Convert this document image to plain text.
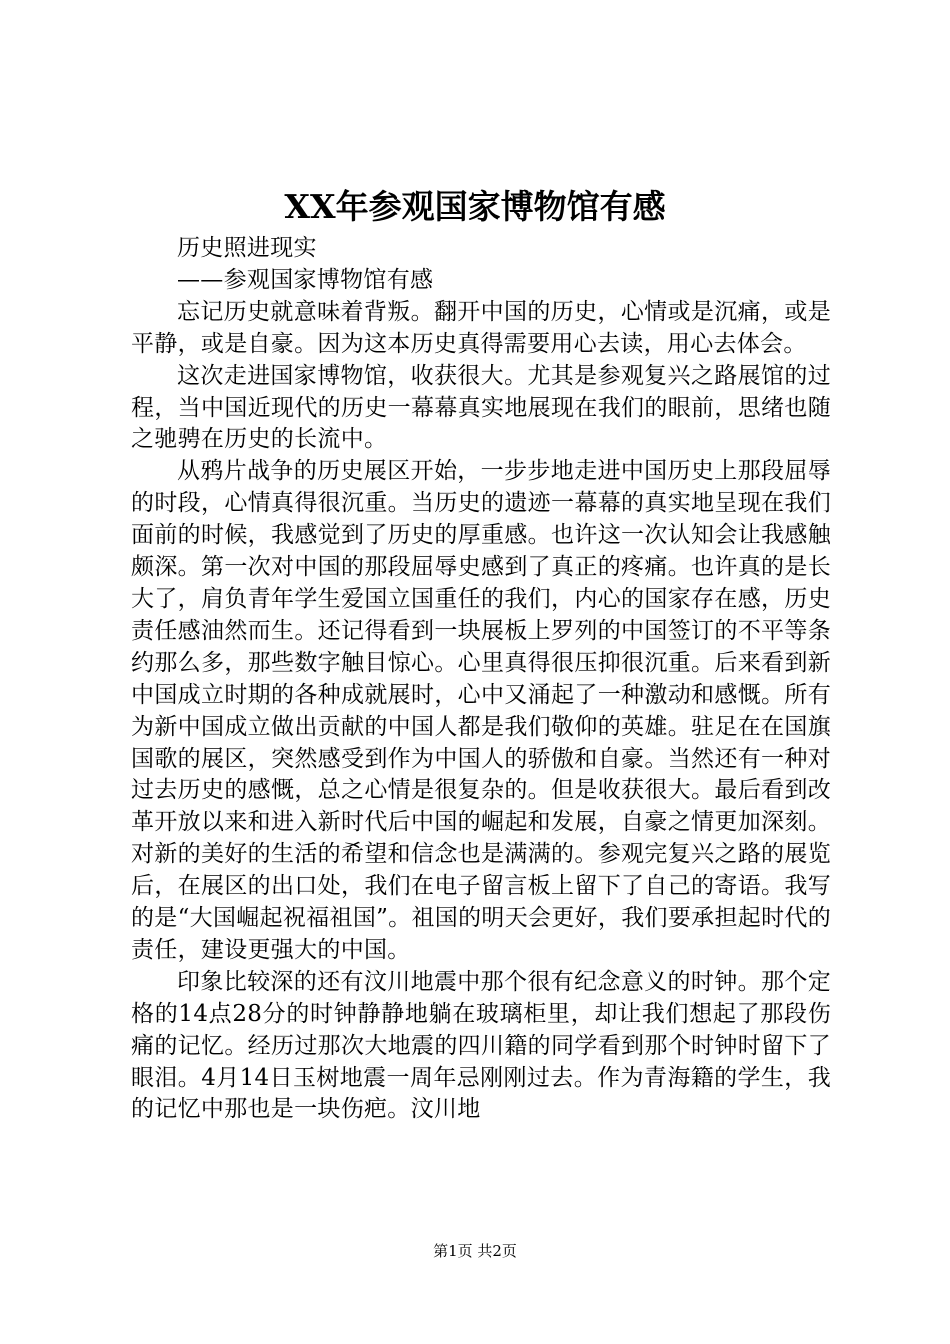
XX年参观国家博物馆有感

历史照进现实

——参观国家博物馆有感

忘记历史就意味着背叛。翻开中国的历史，心情或是沉痛，或是平静，或是自豪。因为这本历史真得需要用心去读，用心去体会。

这次走进国家博物馆，收获很大。尤其是参观复兴之路展馆的过程，当中国近现代的历史一幕幕真实地展现在我们的眼前，思绪也随之驰骋在历史的长流中。

从鸦片战争的历史展区开始，一步步地走进中国历史上那段屈辱的时段，心情真得很沉重。当历史的遗迹一幕幕的真实地呈现在我们面前的时候，我感觉到了历史的厚重感。也许这一次认知会让我感触颇深。第一次对中国的那段屈辱史感到了真正的疼痛。也许真的是长大了，肩负青年学生爱国立国重任的我们，内心的国家存在感，历史责任感油然而生。还记得看到一块展板上罗列的中国签订的不平等条约那么多，那些数字触目惊心。心里真得很压抑很沉重。后来看到新中国成立时期的各种成就展时，心中又涌起了一种激动和感慨。所有为新中国成立做出贡献的中国人都是我们敬仰的英雄。驻足在在国旗国歌的展区，突然感受到作为中国人的骄傲和自豪。当然还有一种对过去历史的感慨，总之心情是很复杂的。但是收获很大。最后看到改革开放以来和进入新时代后中国的崛起和发展，自豪之情更加深刻。对新的美好的生活的希望和信念也是满满的。参观完复兴之路的展览后，在展区的出口处，我们在电子留言板上留下了自己的寄语。我写的是“大国崛起祝福祖国”。祖国的明天会更好，我们要承担起时代的责任，建设更强大的中国。

印象比较深的还有汶川地震中那个很有纪念意义的时钟。那个定格的14点28分的时钟静静地躺在玻璃柜里，却让我们想起了那段伤痛的记忆。经历过那次大地震的四川籍的同学看到那个时钟时留下了眼泪。4月14日玉树地震一周年忌刚刚过去。作为青海籍的学生，我的记忆中那也是一块伤疤。汶川地

第1页 共2页
